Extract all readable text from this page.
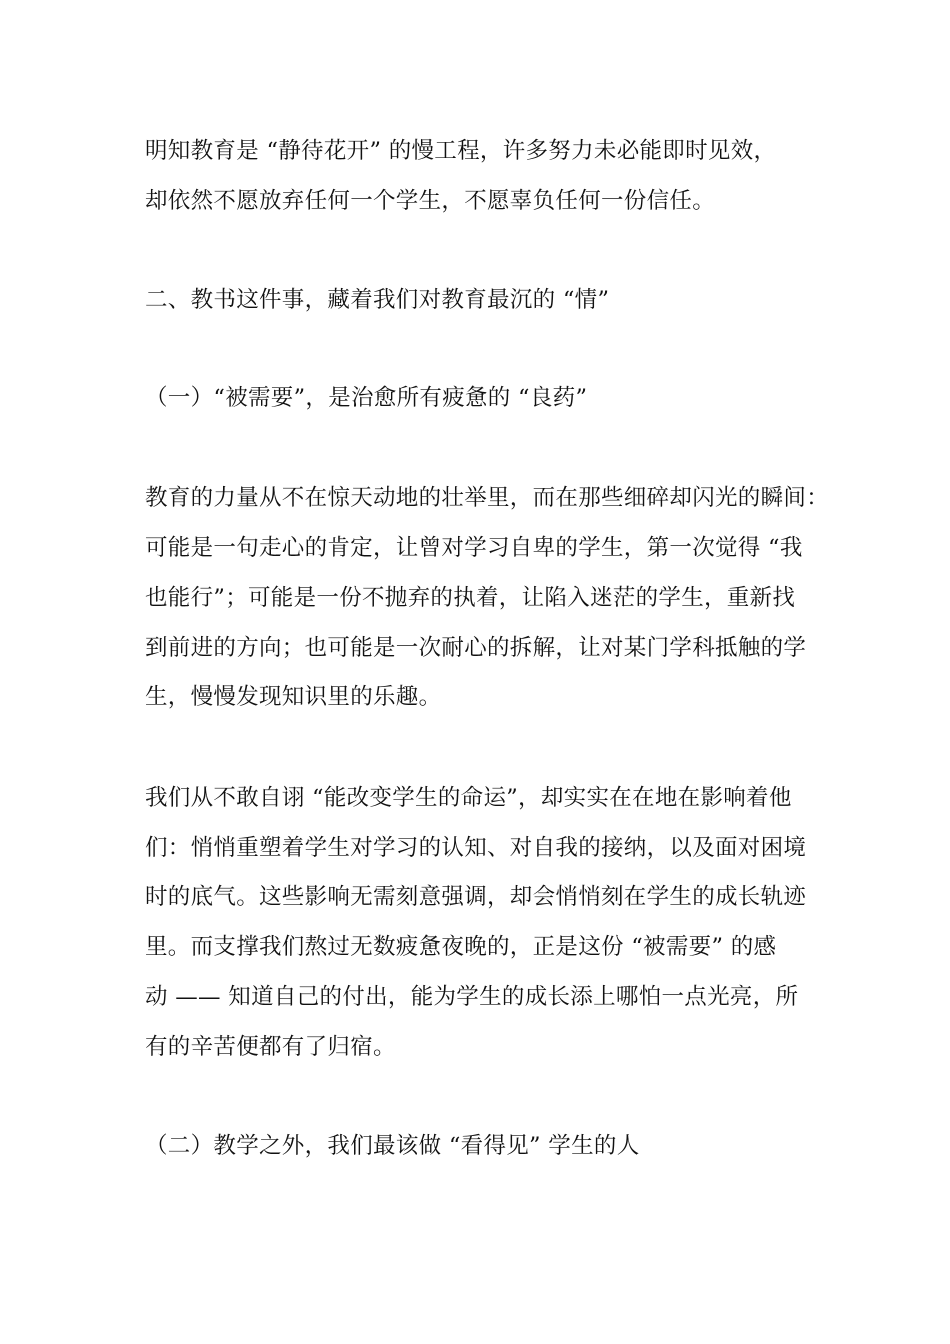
明知教育是 “静待花开” 的慢工程，许多努力未必能即时见效，
却依然不愿放弃任何一个学生，不愿辜负任何一份信任。
二、教书这件事，藏着我们对教育最沉的 “情”
（一）“被需要”，是治愈所有疲惫的 “良药”
教育的力量从不在惊天动地的壮举里，而在那些细碎却闪光的瞬间：
可能是一句走心的肯定，让曾对学习自卑的学生，第一次觉得 “我
也能行”；可能是一份不抛弃的执着，让陷入迷茫的学生，重新找
到前进的方向；也可能是一次耐心的拆解，让对某门学科抵触的学
生，慢慢发现知识里的乐趣。
我们从不敢自诩 “能改变学生的命运”，却实实在在地在影响着他
们：悄悄重塑着学生对学习的认知、对自我的接纳，以及面对困境
时的底气。这些影响无需刻意强调，却会悄悄刻在学生的成长轨迹
里。而支撑我们熬过无数疲惫夜晚的，正是这份 “被需要” 的感
动 —— 知道自己的付出，能为学生的成长添上哪怕一点光亮，所
有的辛苦便都有了归宿。
（二）教学之外，我们最该做 “看得见” 学生的人
